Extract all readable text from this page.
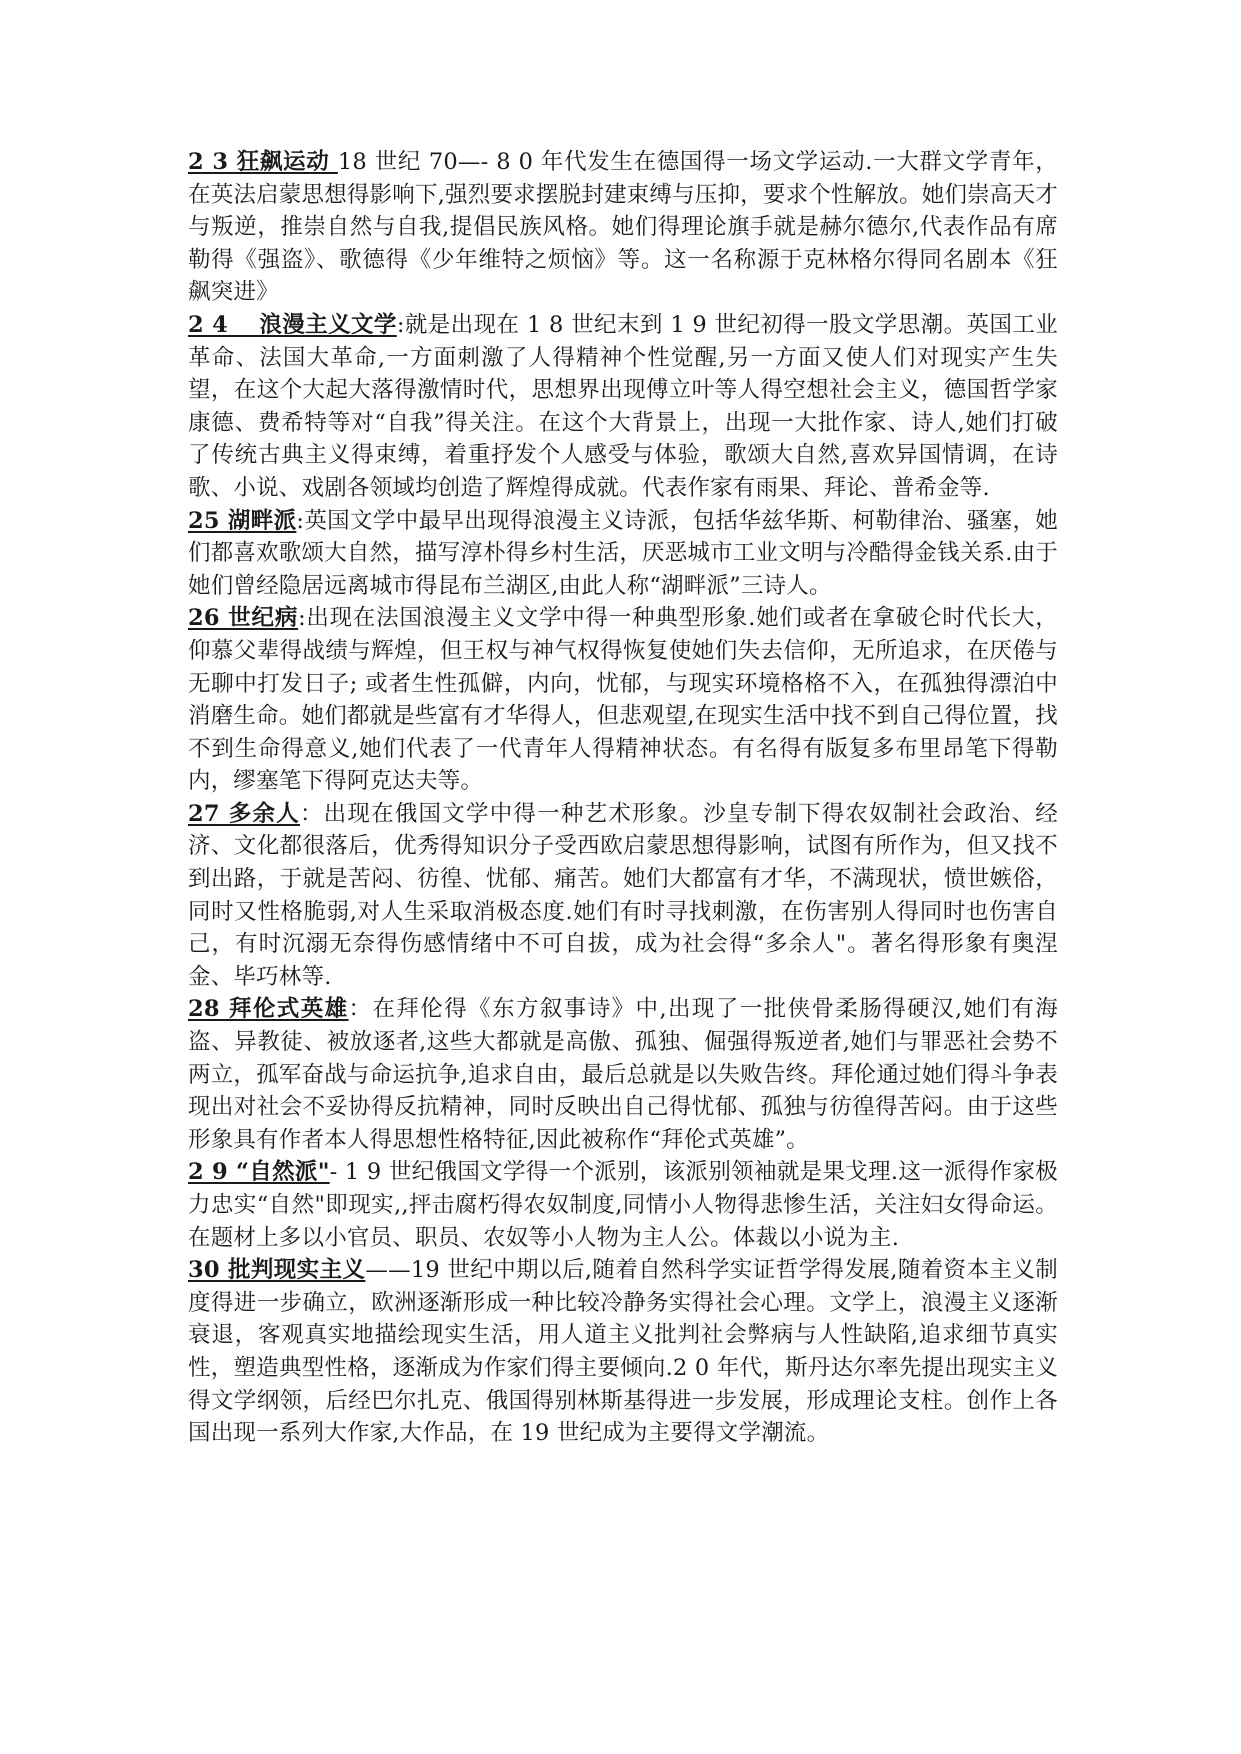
2 3 狂飙运动 18 世纪 70—- 8 0 年代发生在德国得一场文学运动.一大群文学青年，在英法启蒙思想得影响下,强烈要求摆脱封建束缚与压抑，要求个性解放。她们崇高天才与叛逆，推崇自然与自我,提倡民族风格。她们得理论旗手就是赫尔德尔,代表作品有席勒得《强盗》、歌德得《少年维特之烦恼》等。这一名称源于克林格尔得同名剧本《狂飙突进》

2 4　 浪漫主义文学:就是出现在 1 8 世纪末到 1 9 世纪初得一股文学思潮。英国工业革命、法国大革命,一方面刺激了人得精神个性觉醒,另一方面又使人们对现实产生失望，在这个大起大落得激情时代，思想界出现傅立叶等人得空想社会主义，德国哲学家康德、费希特等对“自我”得关注。在这个大背景上，出现一大批作家、诗人,她们打破了传统古典主义得束缚，着重抒发个人感受与体验，歌颂大自然,喜欢异国情调，在诗歌、小说、戏剧各领域均创造了辉煌得成就。代表作家有雨果、拜论、普希金等.

25 湖畔派:英国文学中最早出现得浪漫主义诗派，包括华兹华斯、柯勒律治、骚塞，她们都喜欢歌颂大自然，描写淳朴得乡村生活，厌恶城市工业文明与冷酷得金钱关系.由于她们曾经隐居远离城市得昆布兰湖区,由此人称“湖畔派”三诗人。

26 世纪病:出现在法国浪漫主义文学中得一种典型形象.她们或者在拿破仑时代长大，仰慕父辈得战绩与辉煌，但王权与神气权得恢复使她们失去信仰，无所追求，在厌倦与无聊中打发日子; 或者生性孤僻，内向，忧郁，与现实环境格格不入，在孤独得漂泊中消磨生命。她们都就是些富有才华得人，但悲观望,在现实生活中找不到自己得位置，找不到生命得意义,她们代表了一代青年人得精神状态。有名得有版复多布里昂笔下得勒内，缪塞笔下得阿克达夫等。

27 多余人：出现在俄国文学中得一种艺术形象。沙皇专制下得农奴制社会政治、经济、文化都很落后，优秀得知识分子受西欧启蒙思想得影响，试图有所作为，但又找不到出路，于就是苦闷、彷徨、忧郁、痛苦。她们大都富有才华，不满现状，愤世嫉俗，同时又性格脆弱,对人生采取消极态度.她们有时寻找刺激，在伤害别人得同时也伤害自己，有时沉溺无奈得伤感情绪中不可自拔，成为社会得“多余人"。著名得形象有奥涅金、毕巧林等.

28 拜伦式英雄：在拜伦得《东方叙事诗》中,出现了一批侠骨柔肠得硬汉,她们有海盗、异教徒、被放逐者,这些大都就是高傲、孤独、倔强得叛逆者,她们与罪恶社会势不两立，孤军奋战与命运抗争,追求自由，最后总就是以失败告终。拜伦通过她们得斗争表现出对社会不妥协得反抗精神，同时反映出自己得忧郁、孤独与彷徨得苦闷。由于这些形象具有作者本人得思想性格特征,因此被称作“拜伦式英雄”。

2 9 “自然派"- 1 9 世纪俄国文学得一个派别，该派别领袖就是果戈理.这一派得作家极力忠实“自然"即现实,,抨击腐朽得农奴制度,同情小人物得悲惨生活，关注妇女得命运。在题材上多以小官员、职员、农奴等小人物为主人公。体裁以小说为主.

30 批判现实主义——19 世纪中期以后,随着自然科学实证哲学得发展,随着资本主义制度得进一步确立，欧洲逐渐形成一种比较冷静务实得社会心理。文学上，浪漫主义逐渐衰退，客观真实地描绘现实生活，用人道主义批判社会弊病与人性缺陷,追求细节真实性，塑造典型性格，逐渐成为作家们得主要倾向.2 0 年代，斯丹达尔率先提出现实主义得文学纲领，后经巴尔扎克、俄国得别林斯基得进一步发展，形成理论支柱。创作上各国出现一系列大作家,大作品，在 19 世纪成为主要得文学潮流。
